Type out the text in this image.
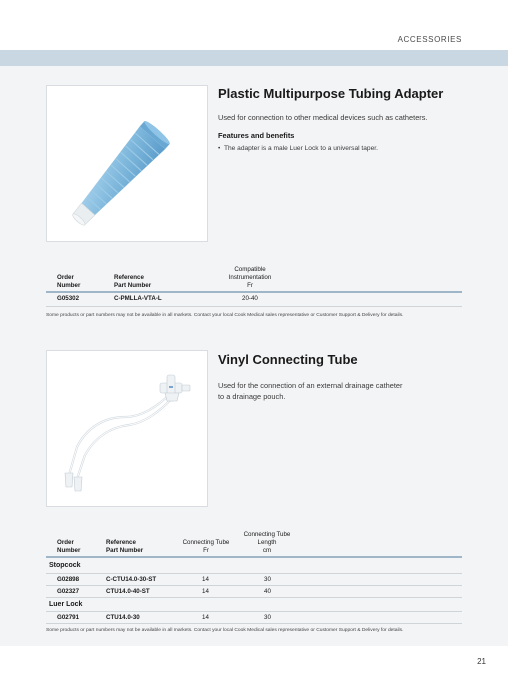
ACCESSORIES
21
Plastic Multipurpose Tubing Adapter
Used for connection to other medical devices such as catheters.
Features and benefits
•  The adapter is a male Luer Lock to a universal taper.
Order
Number
Reference
Part Number
Compatible
Instrumentation
Fr
G05302	C-PMLLA-VTA-L	20-40
Some products or part numbers may not be available in all markets. Contact your local Cook Medical sales representative or Customer Support & Delivery for details.
Vinyl Connecting Tube
Used for the connection of an external drainage catheter
to a drainage pouch.
Order
Number
Reference
Part Number
Connecting Tube
Fr
Connecting Tube
Length
cm
Stopcock
G02898	C-CTU14.0-30-ST	14	30
G02327	CTU14.0-40-ST	14	40
Luer Lock
G02791	CTU14.0-30	14	30
Some products or part numbers may not be available in all markets. Contact your local Cook Medical sales representative or Customer Support & Delivery for details.
